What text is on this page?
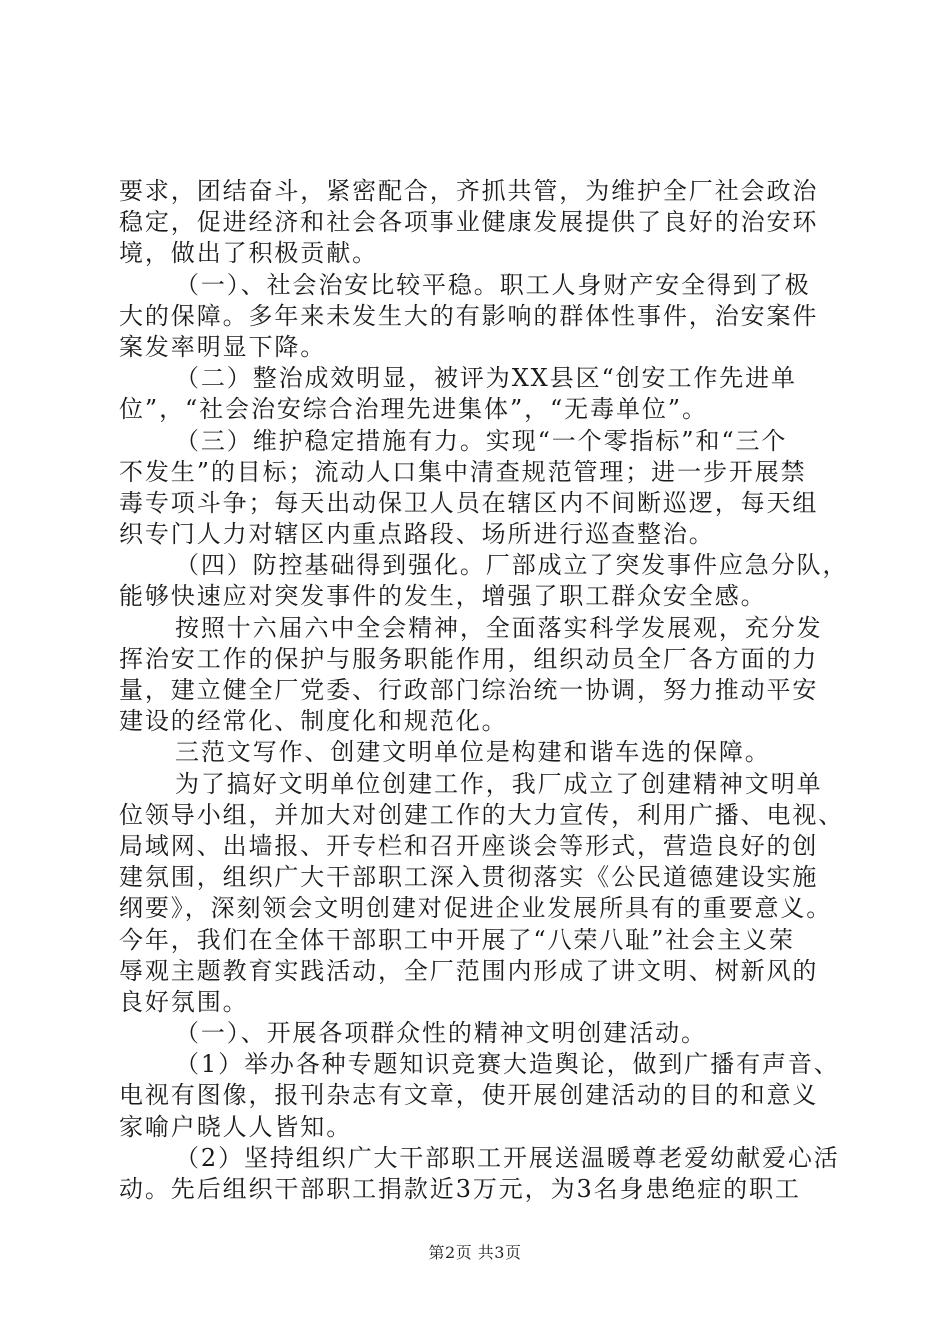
要求，团结奋斗，紧密配合，齐抓共管，为维护全厂社会政治
稳定，促进经济和社会各项事业健康发展提供了良好的治安环
境，做出了积极贡献。
（一）、社会治安比较平稳。职工人身财产安全得到了极
大的保障。多年来未发生大的有影响的群体性事件，治安案件
案发率明显下降。
（二）整治成效明显，被评为XX县区“创安工作先进单
位”，“社会治安综合治理先进集体”，“无毒单位”。
（三）维护稳定措施有力。实现“一个零指标”和“三个
不发生”的目标；流动人口集中清查规范管理；进一步开展禁
毒专项斗争；每天出动保卫人员在辖区内不间断巡逻，每天组
织专门人力对辖区内重点路段、场所进行巡查整治。
（四）防控基础得到强化。厂部成立了突发事件应急分队，
能够快速应对突发事件的发生，增强了职工群众安全感。
按照十六届六中全会精神，全面落实科学发展观，充分发
挥治安工作的保护与服务职能作用，组织动员全厂各方面的力
量，建立健全厂党委、行政部门综治统一协调，努力推动平安
建设的经常化、制度化和规范化。
三范文写作、创建文明单位是构建和谐车选的保障。
为了搞好文明单位创建工作，我厂成立了创建精神文明单
位领导小组，并加大对创建工作的大力宣传，利用广播、电视、
局域网、出墙报、开专栏和召开座谈会等形式，营造良好的创
建氛围，组织广大干部职工深入贯彻落实《公民道德建设实施
纲要》，深刻领会文明创建对促进企业发展所具有的重要意义。
今年，我们在全体干部职工中开展了“八荣八耻”社会主义荣
辱观主题教育实践活动，全厂范围内形成了讲文明、树新风的
良好氛围。
（一）、开展各项群众性的精神文明创建活动。
（1）举办各种专题知识竞赛大造舆论，做到广播有声音、
电视有图像，报刊杂志有文章，使开展创建活动的目的和意义
家喻户晓人人皆知。
（2）坚持组织广大干部职工开展送温暖尊老爱幼献爱心活
动。先后组织干部职工捐款近3万元，为3名身患绝症的职工
第2页 共3页
